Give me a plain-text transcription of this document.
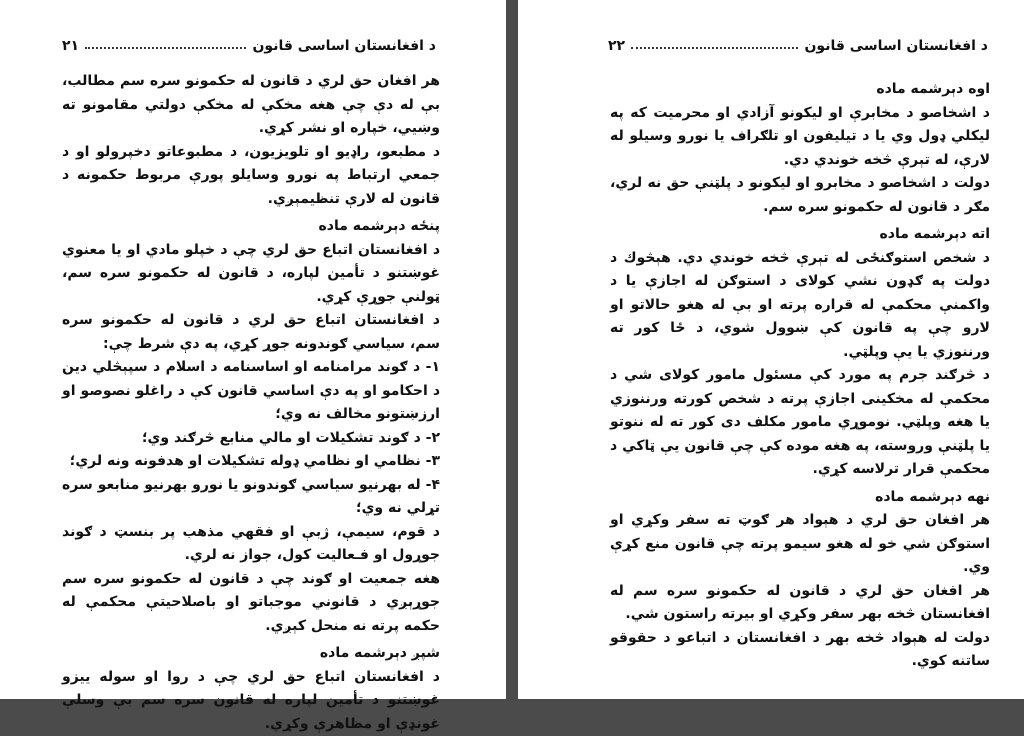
۲۱	د افغانستان اساسی قانون

هر افغان حق لري د قانون له حكمونو سره سم مطالب، بې له دې چې هغه مخكې له مخكې دولتي مقامونو ته وښيي، خپاره او نشر كړي.

د مطبعو، راډيو او تلويزيون، د مطبوعاتو دخپرولو او د جمعي ارتباط په نورو وسايلو پورې مربوط حكمونه د قانون له لارې تنظيمېږي.

پنځه دېرشمه ماده

د افغانستان اتباع حق لري چې د خپلو مادي او يا معنوي غوښتنو د تأمين لپاره، د قانون له حكمونو سره سم، ټولنې جوړې كړي.

د افغانستان اتباع حق لري د قانون له حكمونو سره سم، سياسي ګوندونه جوړ كړي، په دې شرط چې:

۱- د ګوند مرامنامه او اساسنامه د اسلام د سپېڅلي دين د احكامو او په دې اساسي قانون كې د راغلو نصوصو او ارزښتونو مخالف نه وي؛

۲- د ګوند تشكيلات او مالي منابع څرګند وي؛

۳- نظامي او نظامي ډوله تشكيلات او هدفونه ونه لري؛

۴- له بهرنيو سياسي ګوندونو يا نورو بهرنيو منابعو سره تړلي نه وي؛

د قوم، سيمې، ژبې او فقهي مذهب پر بنسټ د ګوند جوړول او فـعاليت كول، جواز نه لري.

هغه جمعيت او ګوند چې د قانون له حكمونو سره سم جوړېږي د قانوني موجباتو او باصلاحيتې محكمې له حكمه پرته نه منحل كېږي.

شپږ دېرشمه ماده

د افغانستان اتباع حق لري چې د روا او سوله ييزو غوښتنو د تأمين لپاره له قانون سره سم بې وسلې غونډې او مظاهرې وكړي.

۲۲	د افغانستان اساسی قانون

اوه دېرشمه ماده

د اشخاصو د مخابرې او ليكونو آزادي او محرميت كه په ليكلي ډول وي يا د تيليفون او تلګراف يا نورو وسيلو له لارې، له تېرې څخه خوندي دي.

دولت د اشخاصو د مخابرو او ليكونو د پلټنې حق نه لري، مګر د قانون له حكمونو سره سم.

اته دېرشمه ماده

د شخص استوګنځى له تېرې څخه خوندي دي. هېڅوك د دولت په ګډون نشي كولاى د استوګن له اجازې يا د واكمنې محكمې له قراره پرته او بې له هغو حالاتو او لارو چې په قانون كې ښوول شوي، د ځا كور ته ورننوزي يا يې وپلټي.

د څرګند جرم په مورد كې مسئول مامور كولاى شي د محكمې له مخكينى اجازې پرته د شخص كورته ورننوزي يا هغه وپلټي. نوموړي مامور مكلف دى كور ته له ننوتو يا پلټنې وروسته، په هغه موده كې چې قانون يې ټاكي د محكمې قرار ترلاسه كړي.

نهه دېرشمه ماده

هر افغان حق لري د هېواد هر ګوټ ته سفر وكړي او استوګن شي خو له هغو سيمو پرته چې قانون منع كړې وي.

هر افغان حق لري د قانون له حكمونو سره سم له افغانستان څخه بهر سفر وكړي او بيرته راستون شي.

دولت له هېواد څخه بهر د افغانستان د اتباعو د حقوقو ساتنه كوي.
